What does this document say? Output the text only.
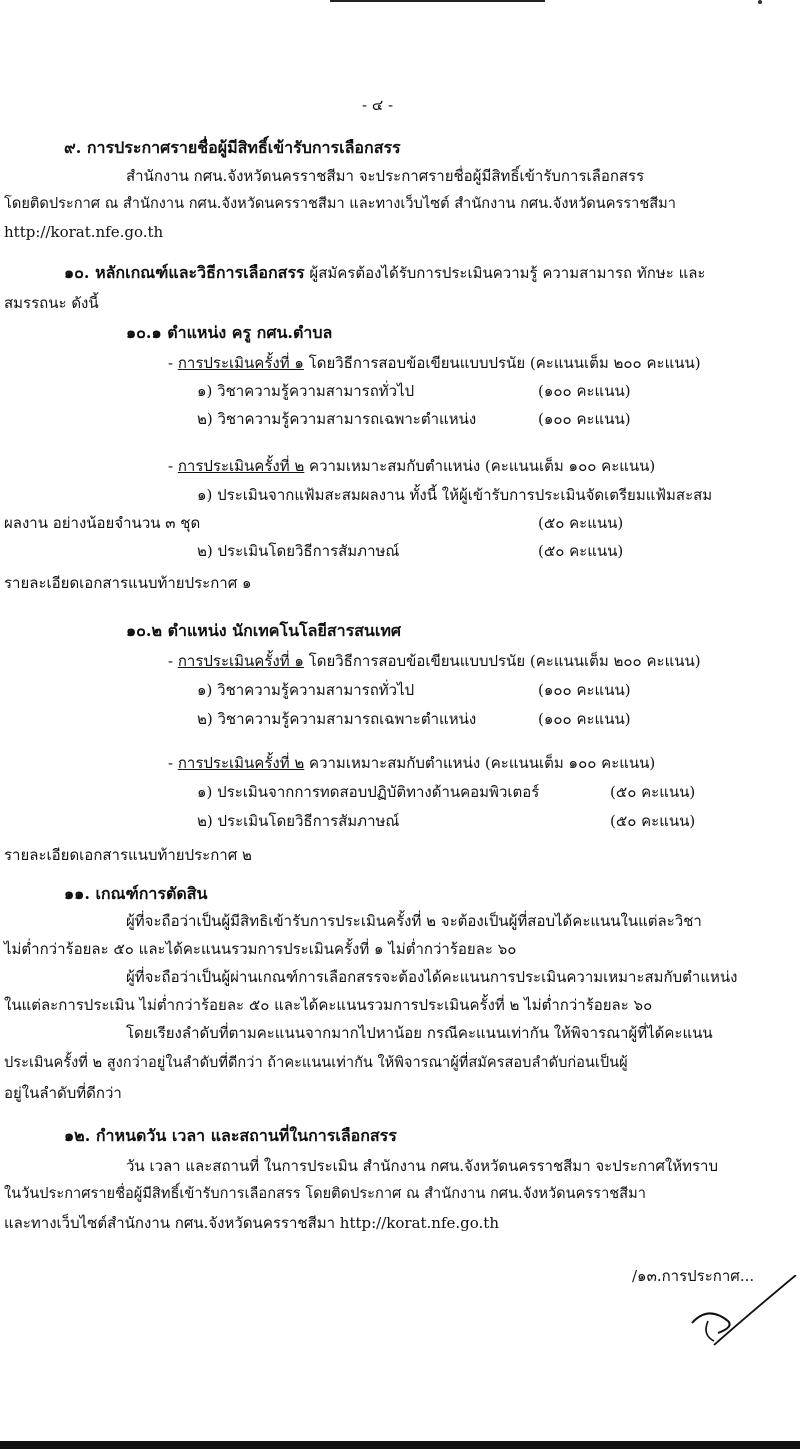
- ๔ -
๙. การประกาศรายชื่อผู้มีสิทธิ์เข้ารับการเลือกสรร
สำนักงาน กศน.จังหวัดนครราชสีมา จะประกาศรายชื่อผู้มีสิทธิ์เข้ารับการเลือกสรร
โดยติดประกาศ ณ สำนักงาน กศน.จังหวัดนครราชสีมา และทางเว็บไซต์ สำนักงาน กศน.จังหวัดนครราชสีมา
http://korat.nfe.go.th
๑๐. หลักเกณฑ์และวิธีการเลือกสรร ผู้สมัครต้องได้รับการประเมินความรู้ ความสามารถ ทักษะ และ
สมรรถนะ ดังนี้
๑๐.๑ ตำแหน่ง ครู กศน.ตำบล
- การประเมินครั้งที่ ๑ โดยวิธีการสอบข้อเขียนแบบปรนัย (คะแนนเต็ม ๒๐๐ คะแนน)
๑) วิชาความรู้ความสามารถทั่วไป	(๑๐๐ คะแนน)
๒) วิชาความรู้ความสามารถเฉพาะตำแหน่ง	(๑๐๐ คะแนน)
- การประเมินครั้งที่ ๒ ความเหมาะสมกับตำแหน่ง (คะแนนเต็ม ๑๐๐ คะแนน)
๑) ประเมินจากแฟ้มสะสมผลงาน ทั้งนี้ ให้ผู้เข้ารับการประเมินจัดเตรียมแฟ้มสะสม
ผลงาน อย่างน้อยจำนวน ๓ ชุด	(๕๐ คะแนน)
๒) ประเมินโดยวิธีการสัมภาษณ์	(๕๐ คะแนน)
รายละเอียดเอกสารแนบท้ายประกาศ ๑
๑๐.๒ ตำแหน่ง นักเทคโนโลยีสารสนเทศ
- การประเมินครั้งที่ ๑ โดยวิธีการสอบข้อเขียนแบบปรนัย (คะแนนเต็ม ๒๐๐ คะแนน)
๑) วิชาความรู้ความสามารถทั่วไป	(๑๐๐ คะแนน)
๒) วิชาความรู้ความสามารถเฉพาะตำแหน่ง	(๑๐๐ คะแนน)
- การประเมินครั้งที่ ๒ ความเหมาะสมกับตำแหน่ง (คะแนนเต็ม ๑๐๐ คะแนน)
๑) ประเมินจากการทดสอบปฏิบัติทางด้านคอมพิวเตอร์	(๕๐ คะแนน)
๒) ประเมินโดยวิธีการสัมภาษณ์	(๕๐ คะแนน)
รายละเอียดเอกสารแนบท้ายประกาศ ๒
๑๑. เกณฑ์การตัดสิน
ผู้ที่จะถือว่าเป็นผู้มีสิทธิเข้ารับการประเมินครั้งที่ ๒ จะต้องเป็นผู้ที่สอบได้คะแนนในแต่ละวิชา
ไม่ต่ำกว่าร้อยละ ๕๐ และได้คะแนนรวมการประเมินครั้งที่ ๑ ไม่ต่ำกว่าร้อยละ ๖๐
ผู้ที่จะถือว่าเป็นผู้ผ่านเกณฑ์การเลือกสรรจะต้องได้คะแนนการประเมินความเหมาะสมกับตำแหน่ง
ในแต่ละการประเมิน ไม่ต่ำกว่าร้อยละ ๕๐ และได้คะแนนรวมการประเมินครั้งที่ ๒ ไม่ต่ำกว่าร้อยละ ๖๐
โดยเรียงลำดับที่ตามคะแนนจากมากไปหาน้อย กรณีคะแนนเท่ากัน ให้พิจารณาผู้ที่ได้คะแนน
ประเมินครั้งที่ ๒ สูงกว่าอยู่ในลำดับที่ดีกว่า ถ้าคะแนนเท่ากัน ให้พิจารณาผู้ที่สมัครสอบลำดับก่อนเป็นผู้
อยู่ในลำดับที่ดีกว่า
๑๒. กำหนดวัน เวลา และสถานที่ในการเลือกสรร
วัน เวลา และสถานที่ ในการประเมิน สำนักงาน กศน.จังหวัดนครราชสีมา จะประกาศให้ทราบ
ในวันประกาศรายชื่อผู้มีสิทธิ์เข้ารับการเลือกสรร โดยติดประกาศ ณ สำนักงาน กศน.จังหวัดนครราชสีมา
และทางเว็บไซต์สำนักงาน กศน.จังหวัดนครราชสีมา http://korat.nfe.go.th
/๑๓.การประกาศ...
